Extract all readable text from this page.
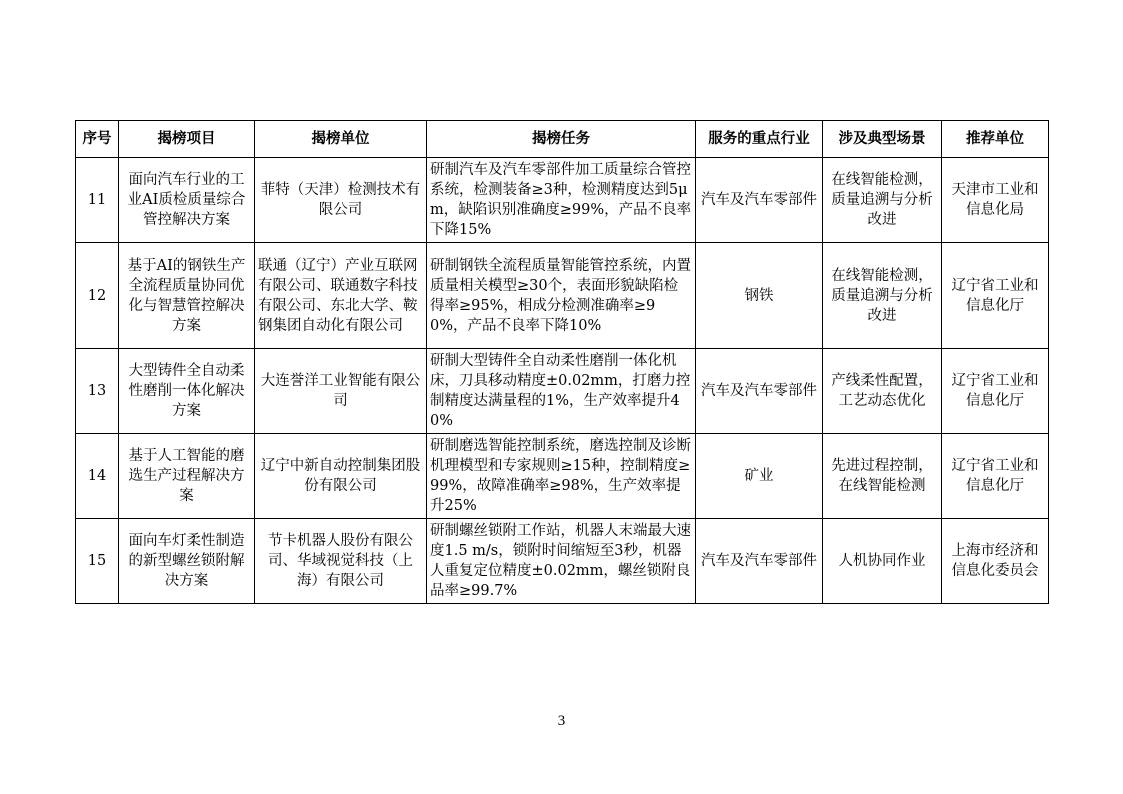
序号	揭榜项目	揭榜单位	揭榜任务	服务的重点行业	涉及典型场景	推荐单位
11	面向汽车行业的工业AI质检质量综合管控解决方案	菲特（天津）检测技术有限公司	研制汽车及汽车零部件加工质量综合管控系统，检测装备≥3种，检测精度达到5μm，缺陷识别准确度≥99%，产品不良率下降15%	汽车及汽车零部件	在线智能检测，质量追溯与分析改进	天津市工业和信息化局
12	基于AI的钢铁生产全流程质量协同优化与智慧管控解决方案	联通（辽宁）产业互联网有限公司、联通数字科技有限公司、东北大学、鞍钢集团自动化有限公司	研制钢铁全流程质量智能管控系统，内置质量相关模型≥30个，表面形貌缺陷检得率≥95%，相成分检测准确率≥90%，产品不良率下降10%	钢铁	在线智能检测，质量追溯与分析改进	辽宁省工业和信息化厅
13	大型铸件全自动柔性磨削一体化解决方案	大连誉洋工业智能有限公司	研制大型铸件全自动柔性磨削一体化机床，刀具移动精度±0.02mm，打磨力控制精度达满量程的1%，生产效率提升40%	汽车及汽车零部件	产线柔性配置，工艺动态优化	辽宁省工业和信息化厅
14	基于人工智能的磨选生产过程解决方案	辽宁中新自动控制集团股份有限公司	研制磨选智能控制系统，磨选控制及诊断机理模型和专家规则≥15种，控制精度≥99%，故障准确率≥98%，生产效率提升25%	矿业	先进过程控制，在线智能检测	辽宁省工业和信息化厅
15	面向车灯柔性制造的新型螺丝锁附解决方案	节卡机器人股份有限公司、华域视觉科技（上海）有限公司	研制螺丝锁附工作站，机器人末端最大速度1.5 m/s，锁附时间缩短至3秒，机器人重复定位精度±0.02mm，螺丝锁附良品率≥99.7%	汽车及汽车零部件	人机协同作业	上海市经济和信息化委员会
3
